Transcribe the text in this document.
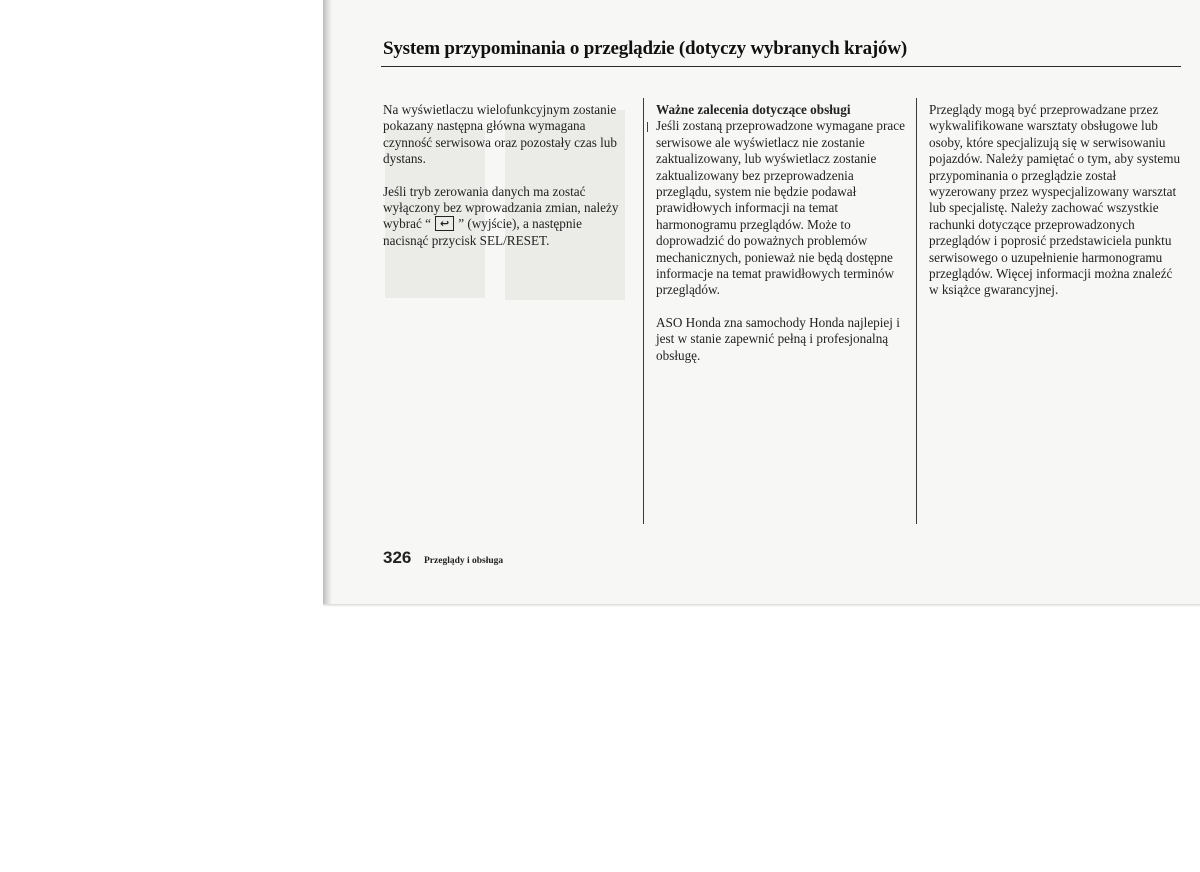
System przypominania o przeglądzie (dotyczy wybranych krajów)

Na wyświetlaczu wielofunkcyjnym zostanie pokazany następna główna wymagana czynność serwisowa oraz pozostały czas lub dystans.

Jeśli tryb zerowania danych ma zostać wyłączony bez wprowadzania zmian, należy wybrać “ ↩ ” (wyjście), a następnie nacisnąć przycisk SEL/RESET.

Ważne zalecenia dotyczące obsługi

Jeśli zostaną przeprowadzone wymagane prace serwisowe ale wyświetlacz nie zostanie zaktualizowany, lub wyświetlacz zostanie zaktualizowany bez przeprowadzenia przeglądu, system nie będzie podawał prawidłowych informacji na temat harmonogramu przeglądów. Może to doprowadzić do poważnych problemów mechanicznych, ponieważ nie będą dostępne informacje na temat prawidłowych terminów przeglądów.

ASO Honda zna samochody Honda najlepiej i jest w stanie zapewnić pełną i profesjonalną obsługę.

Przeglądy mogą być przeprowadzane przez wykwalifikowane warsztaty obsługowe lub osoby, które specjalizują się w serwisowaniu pojazdów. Należy pamiętać o tym, aby systemu przypominania o przeglądzie został wyzerowany przez wyspecjalizowany warsztat lub specjalistę. Należy zachować wszystkie rachunki dotyczące przeprowadzonych przeglądów i poprosić przedstawiciela punktu serwisowego o uzupełnienie harmonogramu przeglądów. Więcej informacji można znaleźć w książce gwarancyjnej.

326 Przeglądy i obsługa
